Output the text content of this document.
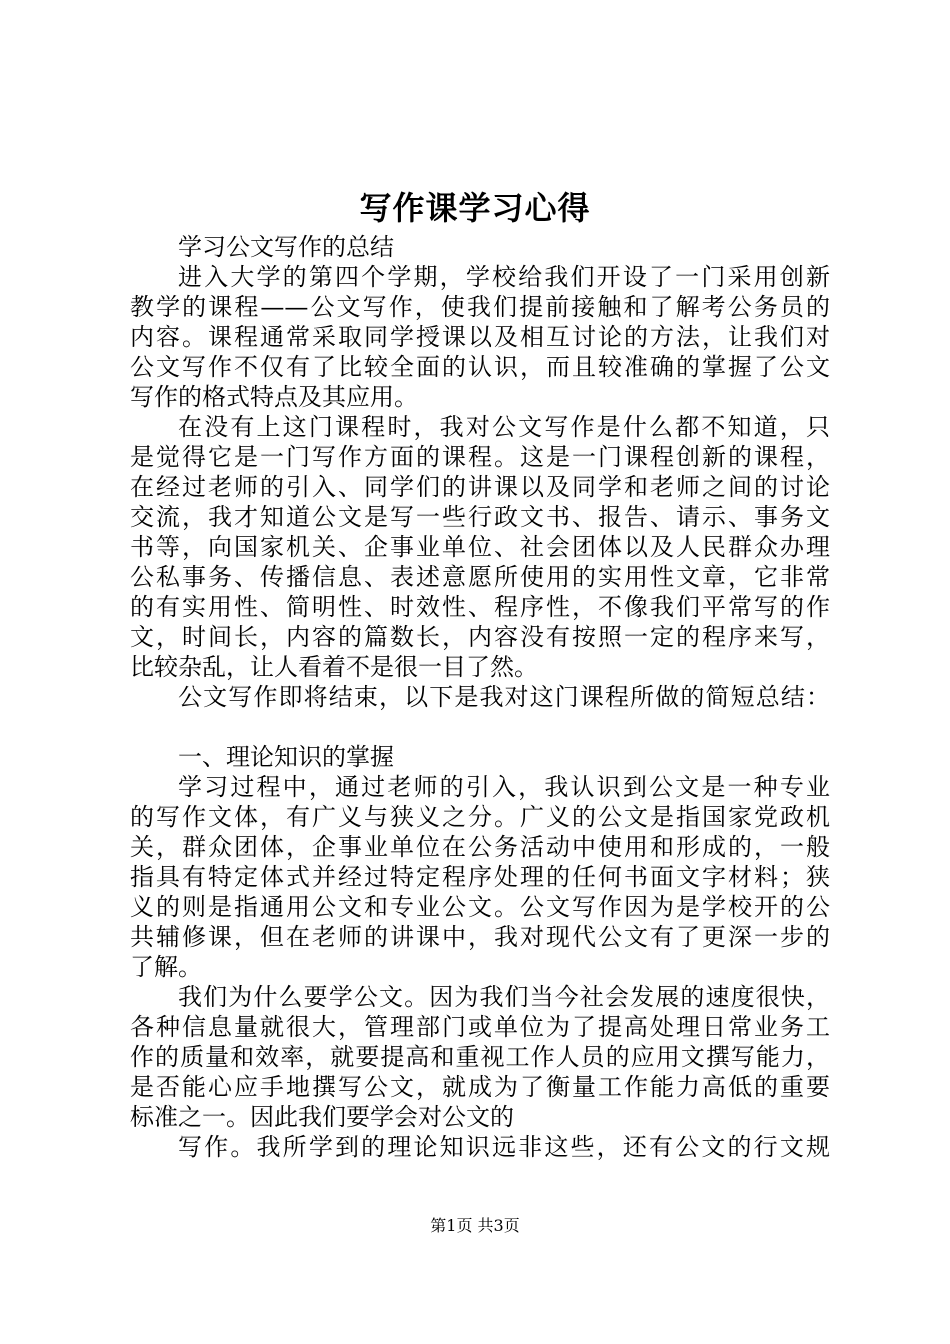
写作课学习心得
学习公文写作的总结
进入大学的第四个学期，学校给我们开设了一门采用创新
教学的课程——公文写作，使我们提前接触和了解考公务员的
内容。课程通常采取同学授课以及相互讨论的方法，让我们对
公文写作不仅有了比较全面的认识，而且较准确的掌握了公文
写作的格式特点及其应用。
在没有上这门课程时，我对公文写作是什么都不知道，只
是觉得它是一门写作方面的课程。这是一门课程创新的课程，
在经过老师的引入、同学们的讲课以及同学和老师之间的讨论
交流，我才知道公文是写一些行政文书、报告、请示、事务文
书等，向国家机关、企事业单位、社会团体以及人民群众办理
公私事务、传播信息、表述意愿所使用的实用性文章，它非常
的有实用性、简明性、时效性、程序性，不像我们平常写的作
文，时间长，内容的篇数长，内容没有按照一定的程序来写，
比较杂乱，让人看着不是很一目了然。
公文写作即将结束，以下是我对这门课程所做的简短总结：
一、理论知识的掌握
学习过程中，通过老师的引入，我认识到公文是一种专业
的写作文体，有广义与狭义之分。广义的公文是指国家党政机
关，群众团体，企事业单位在公务活动中使用和形成的，一般
指具有特定体式并经过特定程序处理的任何书面文字材料；狭
义的则是指通用公文和专业公文。公文写作因为是学校开的公
共辅修课，但在老师的讲课中，我对现代公文有了更深一步的
了解。
我们为什么要学公文。因为我们当今社会发展的速度很快，
各种信息量就很大，管理部门或单位为了提高处理日常业务工
作的质量和效率，就要提高和重视工作人员的应用文撰写能力，
是否能心应手地撰写公文，就成为了衡量工作能力高低的重要
标准之一。因此我们要学会对公文的
写作。我所学到的理论知识远非这些，还有公文的行文规
第1页 共3页
